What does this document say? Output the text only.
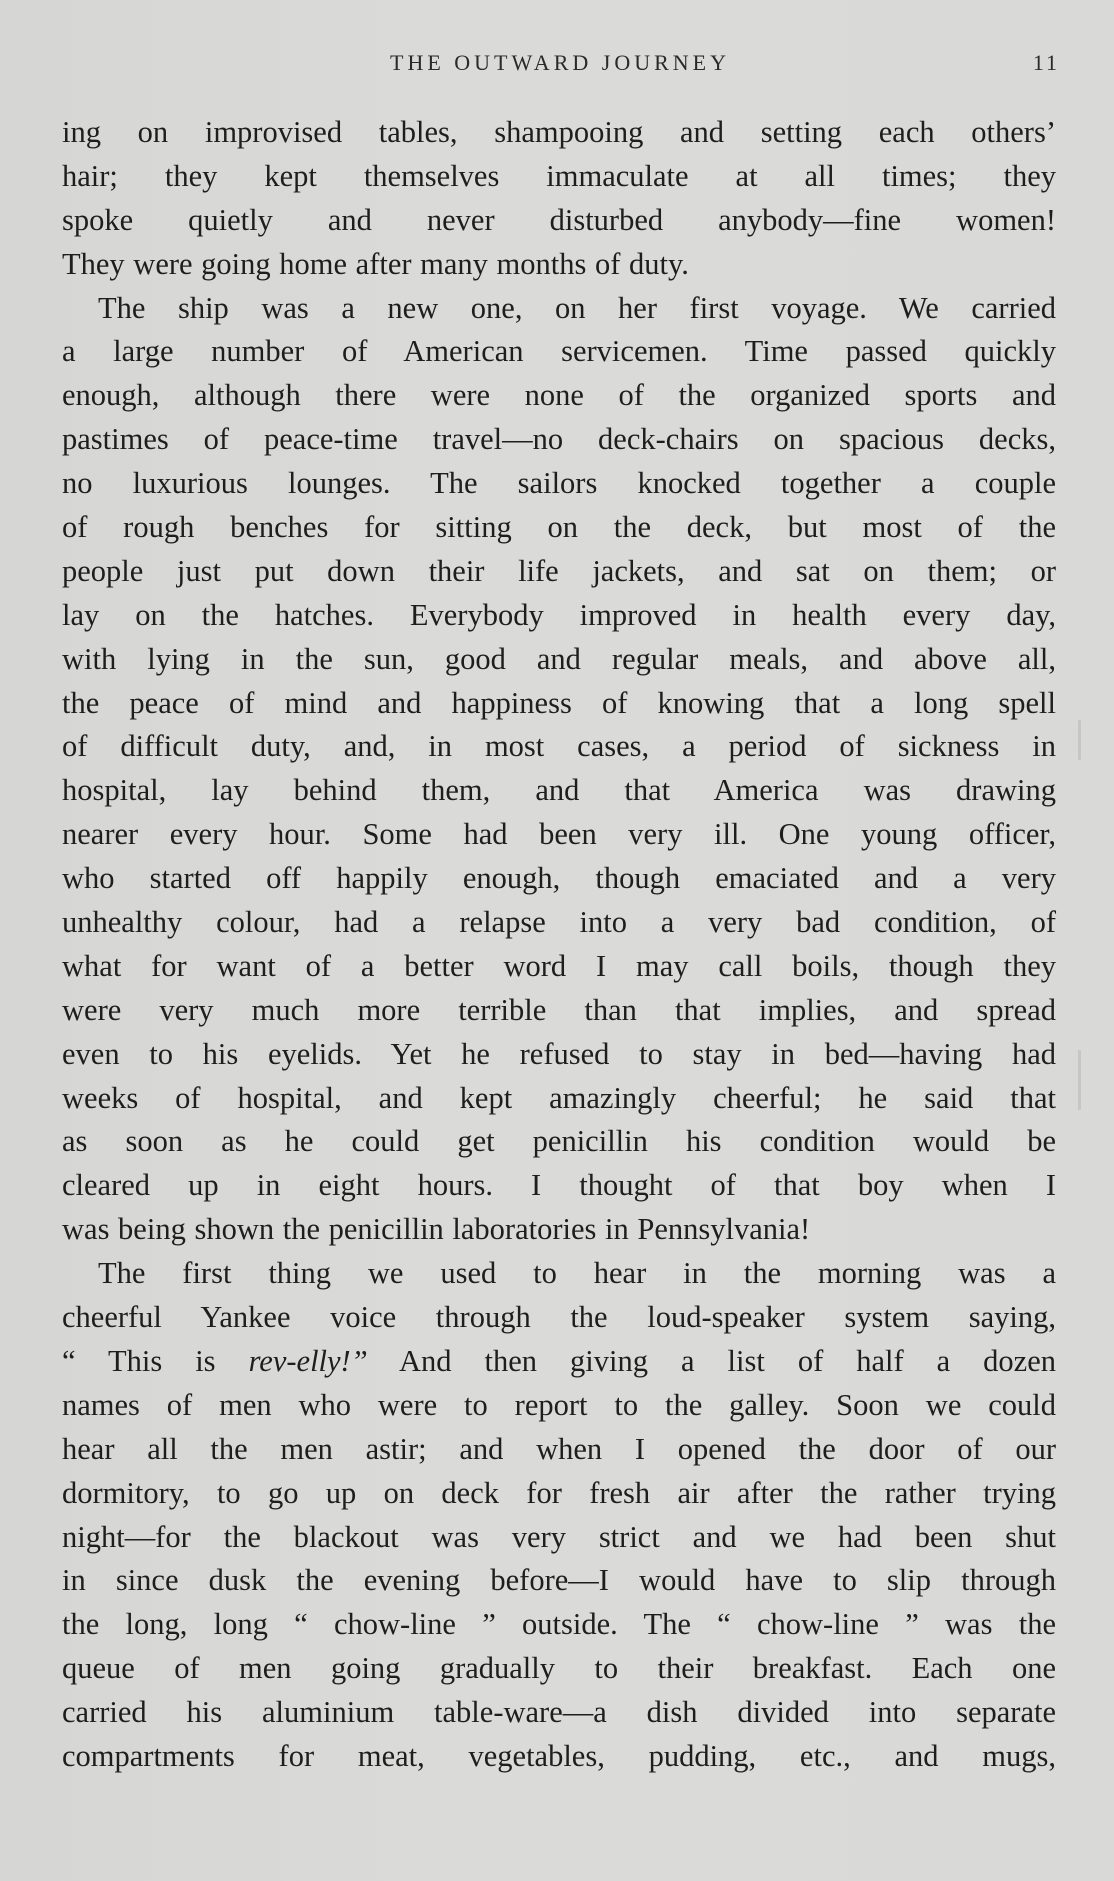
THE OUTWARD JOURNEY	11
ing on improvised tables, shampooing and setting each others’
hair; they kept themselves immaculate at all times; they
spoke quietly and never disturbed anybody—fine women!
They were going home after many months of duty.
The ship was a new one, on her first voyage. We carried
a large number of American servicemen. Time passed quickly
enough, although there were none of the organized sports and
pastimes of peace-time travel—no deck-chairs on spacious decks,
no luxurious lounges. The sailors knocked together a couple
of rough benches for sitting on the deck, but most of the
people just put down their life jackets, and sat on them; or
lay on the hatches. Everybody improved in health every day,
with lying in the sun, good and regular meals, and above all,
the peace of mind and happiness of knowing that a long spell
of difficult duty, and, in most cases, a period of sickness in
hospital, lay behind them, and that America was drawing
nearer every hour. Some had been very ill. One young officer,
who started off happily enough, though emaciated and a very
unhealthy colour, had a relapse into a very bad condition, of
what for want of a better word I may call boils, though they
were very much more terrible than that implies, and spread
even to his eyelids. Yet he refused to stay in bed—having had
weeks of hospital, and kept amazingly cheerful; he said that
as soon as he could get penicillin his condition would be
cleared up in eight hours. I thought of that boy when I
was being shown the penicillin laboratories in Pennsylvania!
The first thing we used to hear in the morning was a
cheerful Yankee voice through the loud-speaker system saying,
“ This is rev-elly!” And then giving a list of half a dozen
names of men who were to report to the galley. Soon we could
hear all the men astir; and when I opened the door of our
dormitory, to go up on deck for fresh air after the rather trying
night—for the blackout was very strict and we had been shut
in since dusk the evening before—I would have to slip through
the long, long “ chow-line ” outside. The “ chow-line ” was the
queue of men going gradually to their breakfast. Each one
carried his aluminium table-ware—a dish divided into separate
compartments for meat, vegetables, pudding, etc., and mugs,
